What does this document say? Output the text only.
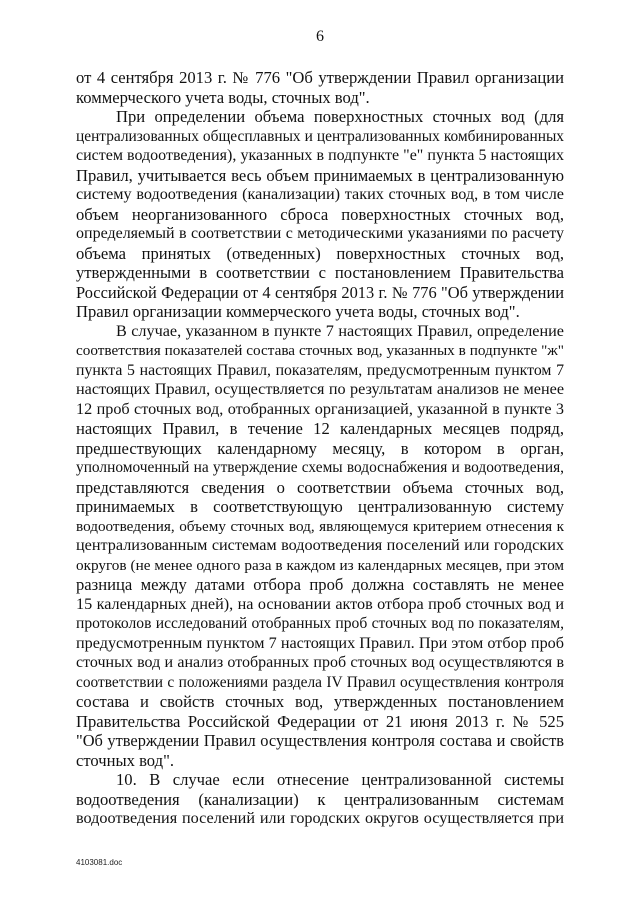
6
от 4 сентября 2013 г. № 776 "Об утверждении Правил организации
коммерческого учета воды, сточных вод".
При определении объема поверхностных сточных вод (для
централизованных общесплавных и централизованных комбинированных
систем водоотведения), указанных в подпункте "е" пункта 5 настоящих
Правил, учитывается весь объем принимаемых в централизованную
систему водоотведения (канализации) таких сточных вод, в том числе
объем неорганизованного сброса поверхностных сточных вод,
определяемый в соответствии с методическими указаниями по расчету
объема принятых (отведенных) поверхностных сточных вод,
утвержденными в соответствии с постановлением Правительства
Российской Федерации от 4 сентября 2013 г. № 776 "Об утверждении
Правил организации коммерческого учета воды, сточных вод".
В случае, указанном в пункте 7 настоящих Правил, определение
соответствия показателей состава сточных вод, указанных в подпункте "ж"
пункта 5 настоящих Правил, показателям, предусмотренным пунктом 7
настоящих Правил, осуществляется по результатам анализов не менее
12 проб сточных вод, отобранных организацией, указанной в пункте 3
настоящих Правил, в течение 12 календарных месяцев подряд,
предшествующих календарному месяцу, в котором в орган,
уполномоченный на утверждение схемы водоснабжения и водоотведения,
представляются сведения о соответствии объема сточных вод,
принимаемых в соответствующую централизованную систему
водоотведения, объему сточных вод, являющемуся критерием отнесения к
централизованным системам водоотведения поселений или городских
округов (не менее одного раза в каждом из календарных месяцев, при этом
разница между датами отбора проб должна составлять не менее
15 календарных дней), на основании актов отбора проб сточных вод и
протоколов исследований отобранных проб сточных вод по показателям,
предусмотренным пунктом 7 настоящих Правил. При этом отбор проб
сточных вод и анализ отобранных проб сточных вод осуществляются в
соответствии с положениями раздела IV Правил осуществления контроля
состава и свойств сточных вод, утвержденных постановлением
Правительства Российской Федерации от 21 июня 2013 г. № 525
"Об утверждении Правил осуществления контроля состава и свойств
сточных вод".
10. В случае если отнесение централизованной системы
водоотведения (канализации) к централизованным системам
водоотведения поселений или городских округов осуществляется при
4103081.doc
